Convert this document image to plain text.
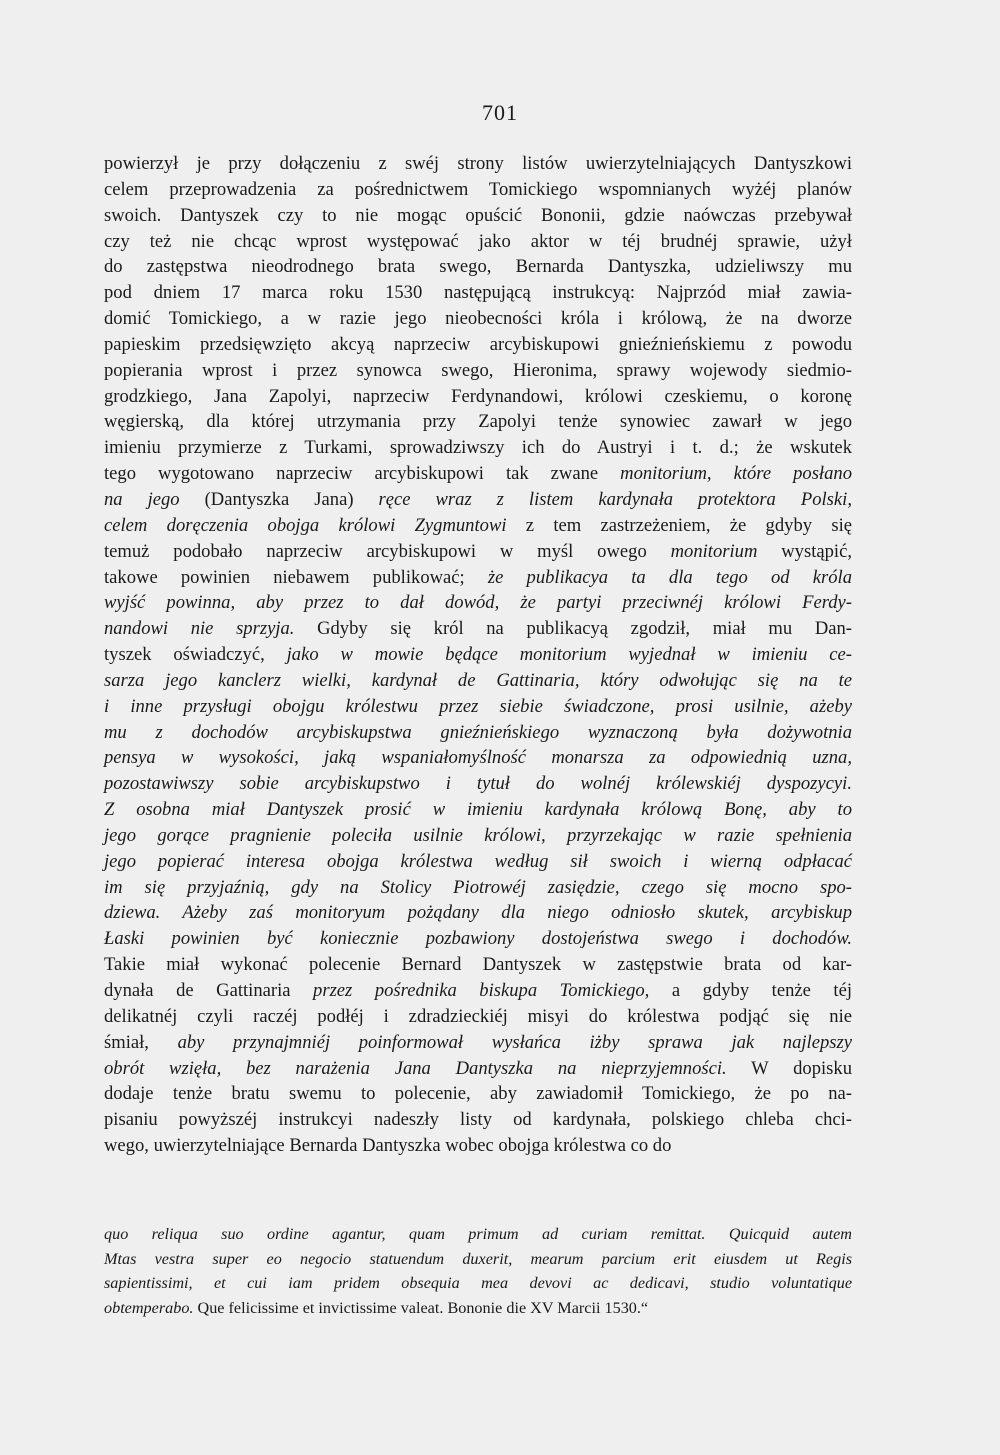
701
powierzył je przy dołączeniu z swéj strony listów uwierzytelniających Dantyszkowi
celem przeprowadzenia za pośrednictwem Tomickiego wspomnianych wyżéj planów
swoich. Dantyszek czy to nie mogąc opuścić Bononii, gdzie naówczas przebywał
czy też nie chcąc wprost występować jako aktor w téj brudnéj sprawie, użył
do zastępstwa nieodrodnego brata swego, Bernarda Dantyszka, udzieliwszy mu
pod dniem 17 marca roku 1530 następującą instrukcyą: Najprzód miał zawia-
domić Tomickiego, a w razie jego nieobecności króla i królową, że na dworze
papieskim przedsięwzięto akcyą naprzeciw arcybiskupowi gnieźnieńskiemu z powodu
popierania wprost i przez synowca swego, Hieronima, sprawy wojewody siedmio-
grodzkiego, Jana Zapolyi, naprzeciw Ferdynandowi, królowi czeskiemu, o koronę
węgierską, dla której utrzymania przy Zapolyi tenże synowiec zawarł w jego
imieniu przymierze z Turkami, sprowadziwszy ich do Austryi i t. d.; że wskutek
tego wygotowano naprzeciw arcybiskupowi tak zwane monitorium, które posłano
na jego (Dantyszka Jana) ręce wraz z listem kardynała protektora Polski,
celem doręczenia obojga królowi Zygmuntowi z tem zastrzeżeniem, że gdyby się
temuż podobało naprzeciw arcybiskupowi w myśl owego monitorium wystąpić,
takowe powinien niebawem publikować; że publikacya ta dla tego od króla
wyjść powinna, aby przez to dał dowód, że partyi przeciwnéj królowi Ferdy-
nandowi nie sprzyja. Gdyby się król na publikacyą zgodził, miał mu Dan-
tyszek oświadczyć, jako w mowie będące monitorium wyjednał w imieniu ce-
sarza jego kanclerz wielki, kardynał de Gattinaria, który odwołując się na te
i inne przysługi obojgu królestwu przez siebie świadczone, prosi usilnie, ażeby
mu z dochodów arcybiskupstwa gnieźnieńskiego wyznaczoną była dożywotnia
pensya w wysokości, jaką wspaniałomyślność monarsza za odpowiednią uzna,
pozostawiwszy sobie arcybiskupstwo i tytuł do wolnéj królewskiéj dyspozycyi.
Z osobna miał Dantyszek prosić w imieniu kardynała królową Bonę, aby to
jego gorące pragnienie poleciła usilnie królowi, przyrzekając w razie spełnienia
jego popierać interesa obojga królestwa według sił swoich i wierną odpłacać
im się przyjaźnią, gdy na Stolicy Piotrowéj zasiędzie, czego się mocno spo-
dziewa. Ażeby zaś monitoryum pożądany dla niego odniosło skutek, arcybiskup
Łaski powinien być koniecznie pozbawiony dostojeństwa swego i dochodów.
Takie miał wykonać polecenie Bernard Dantyszek w zastępstwie brata od kar-
dynała de Gattinaria przez pośrednika biskupa Tomickiego, a gdyby tenże téj
delikatnéj czyli raczéj podłéj i zdradzieckiéj misyi do królestwa podjąć się nie
śmiał, aby przynajmniéj poinformował wysłańca iżby sprawa jak najlepszy
obrót wzięła, bez narażenia Jana Dantyszka na nieprzyjemności. W dopisku
dodaje tenże bratu swemu to polecenie, aby zawiadomił Tomickiego, że po na-
pisaniu powyższéj instrukcyi nadeszły listy od kardynała, polskiego chleba chci-
wego, uwierzytelniające Bernarda Dantyszka wobec obojga królestwa co do
quo reliqua suo ordine agantur, quam primum ad curiam remittat. Quicquid autem
Mtas vestra super eo negocio statuendum duxerit, mearum parcium erit eiusdem ut Regis
sapientissimi, et cui iam pridem obsequia mea devovi ac dedicavi, studio voluntatique
obtemperabo. Que felicissime et invictissime valeat. Bononie die XV Marcii 1530.“
